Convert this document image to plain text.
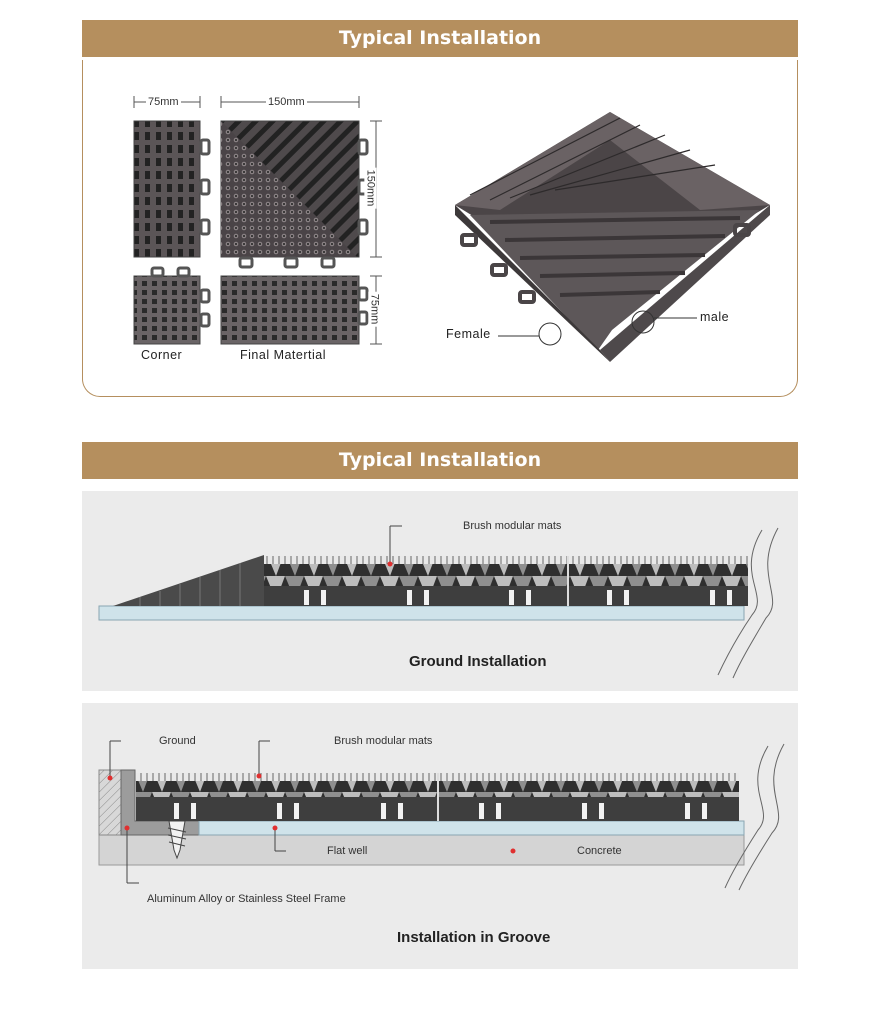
Typical Installation
75mm	150mm
150mm
75mm
Corner	Final Matertial
Female
male
Typical Installation
Brush modular mats
Ground Installation
Ground	Brush modular mats
Flat well	Concrete
Aluminum Alloy or Stainless Steel Frame
Installation in Groove
